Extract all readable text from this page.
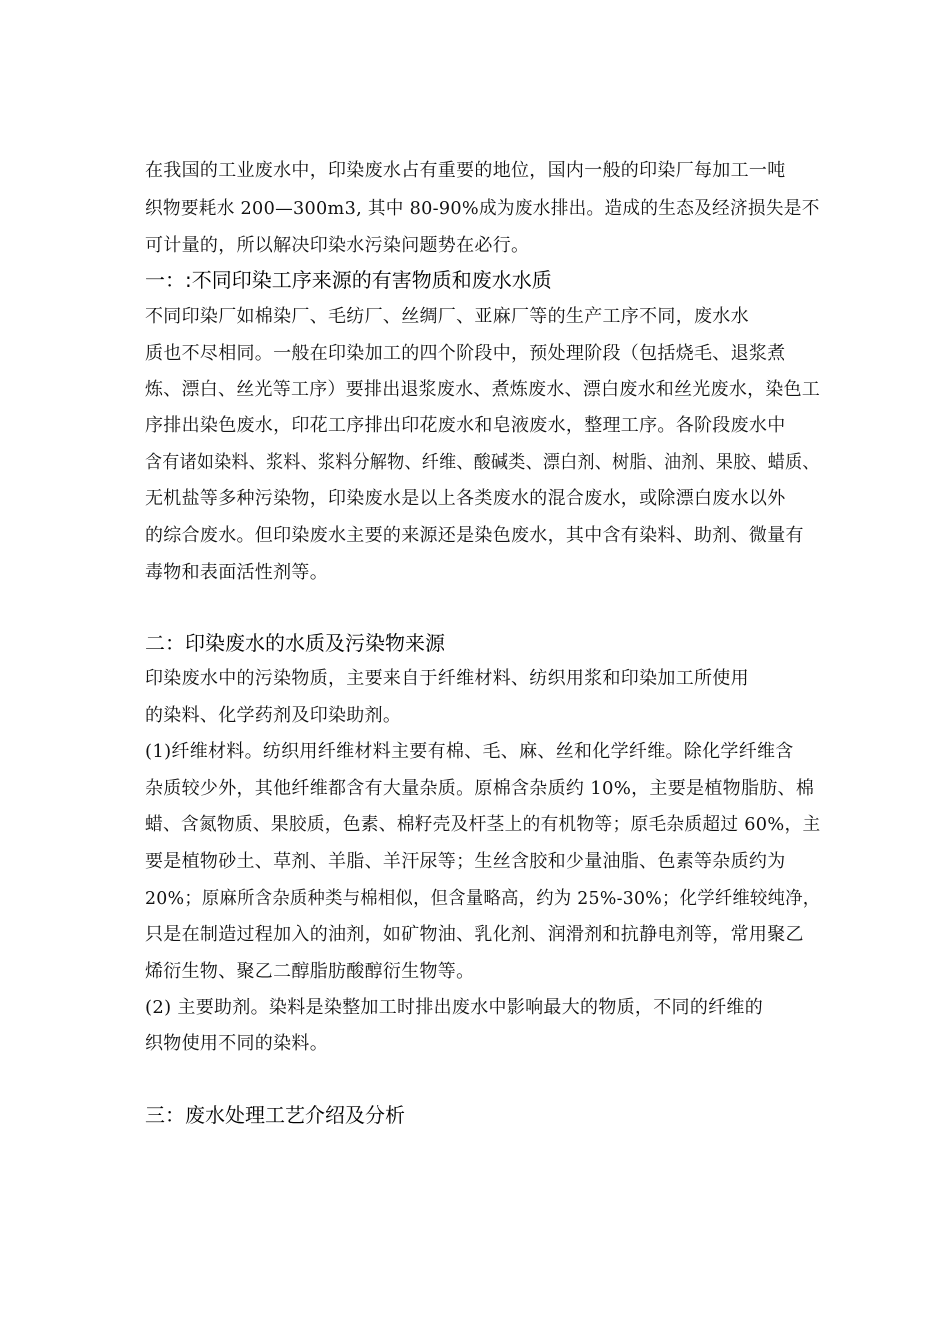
在我国的工业废水中，印染废水占有重要的地位，国内一般的印染厂每加工一吨
织物要耗水 200—300m3, 其中 80-90%成为废水排出。造成的生态及经济损失是不
可计量的，所以解决印染水污染问题势在必行。
一：:不同印染工序来源的有害物质和废水水质
不同印染厂如棉染厂、毛纺厂、丝绸厂、亚麻厂等的生产工序不同，废水水
质也不尽相同。一般在印染加工的四个阶段中，预处理阶段（包括烧毛、退浆煮
炼、漂白、丝光等工序）要排出退浆废水、煮炼废水、漂白废水和丝光废水，染色工
序排出染色废水，印花工序排出印花废水和皂液废水，整理工序。各阶段废水中
含有诸如染料、浆料、浆料分解物、纤维、酸碱类、漂白剂、树脂、油剂、果胶、蜡质、
无机盐等多种污染物，印染废水是以上各类废水的混合废水，或除漂白废水以外
的综合废水。但印染废水主要的来源还是染色废水，其中含有染料、助剂、微量有
毒物和表面活性剂等。
二：印染废水的水质及污染物来源
印染废水中的污染物质，主要来自于纤维材料、纺织用浆和印染加工所使用
的染料、化学药剂及印染助剂。
(1)纤维材料。纺织用纤维材料主要有棉、毛、麻、丝和化学纤维。除化学纤维含
杂质较少外，其他纤维都含有大量杂质。原棉含杂质约 10%，主要是植物脂肪、棉
蜡、含氮物质、果胶质，色素、棉籽壳及杆茎上的有机物等；原毛杂质超过 60%，主
要是植物砂土、草剂、羊脂、羊汗尿等；生丝含胶和少量油脂、色素等杂质约为
20%；原麻所含杂质种类与棉相似，但含量略高，约为 25%-30%；化学纤维较纯净，
只是在制造过程加入的油剂，如矿物油、乳化剂、润滑剂和抗静电剂等，常用聚乙
烯衍生物、聚乙二醇脂肪酸醇衍生物等。
(2) 主要助剂。染料是染整加工时排出废水中影响最大的物质，不同的纤维的
织物使用不同的染料。
三：废水处理工艺介绍及分析
